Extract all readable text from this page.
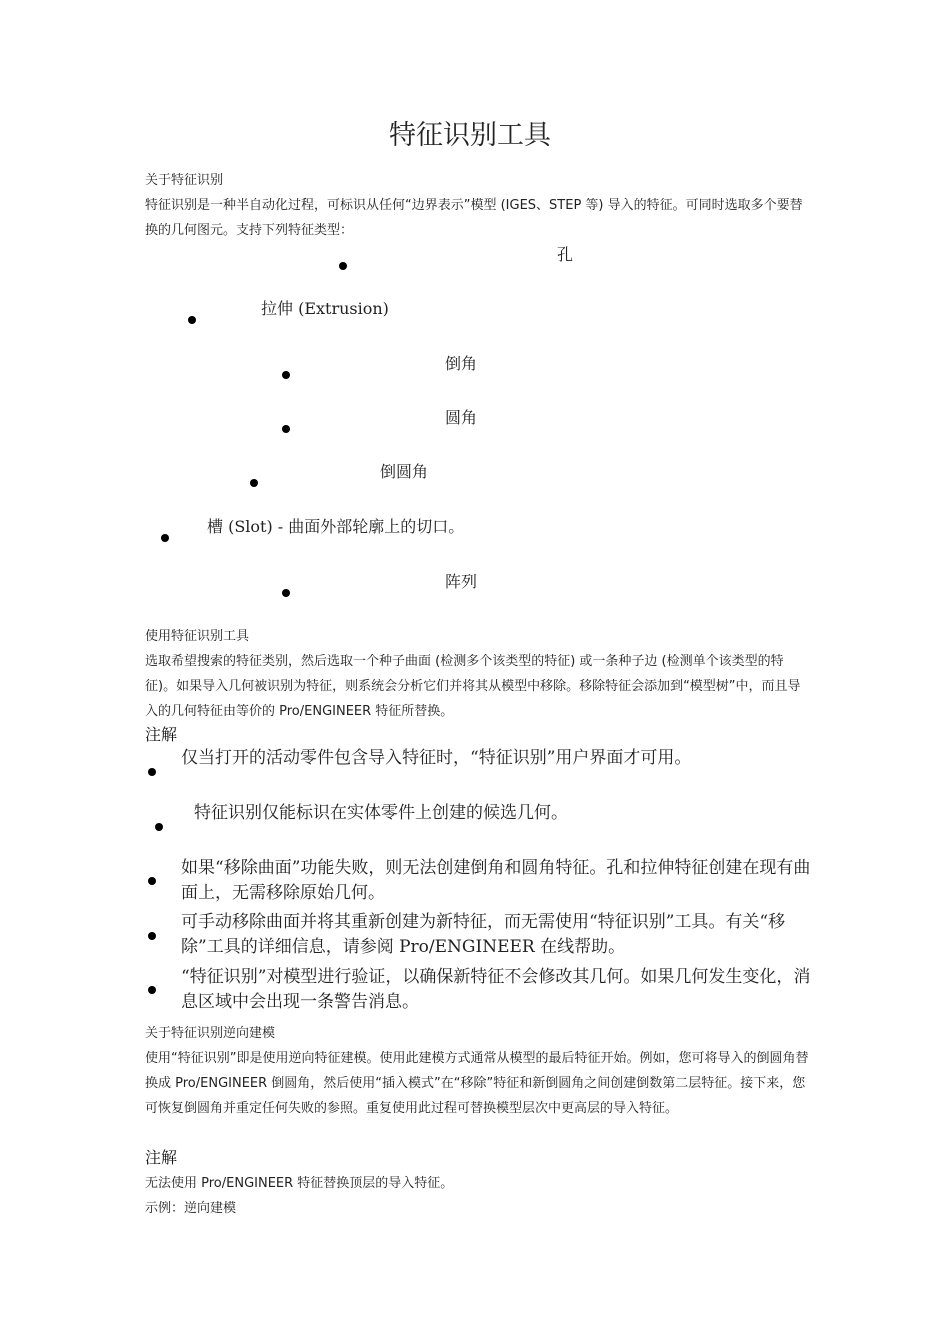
特征识别工具
关于特征识别
特征识别是一种半自动化过程，可标识从任何“边界表示”模型 (IGES、STEP 等) 导入的特征。可同时选取多个要替换的几何图元。支持下列特征类型：
孔
拉伸 (Extrusion)
倒角
圆角
倒圆角
槽 (Slot) - 曲面外部轮廓上的切口。
阵列
使用特征识别工具
选取希望搜索的特征类别，然后选取一个种子曲面 (检测多个该类型的特征) 或一条种子边 (检测单个该类型的特征)。如果导入几何被识别为特征，则系统会分析它们并将其从模型中移除。移除特征会添加到“模型树”中，而且导入的几何特征由等价的 Pro/ENGINEER 特征所替换。
注解
仅当打开的活动零件包含导入特征时，“特征识别”用户界面才可用。
特征识别仅能标识在实体零件上创建的候选几何。
如果“移除曲面”功能失败，则无法创建倒角和圆角特征。孔和拉伸特征创建在现有曲面上，无需移除原始几何。
可手动移除曲面并将其重新创建为新特征，而无需使用“特征识别”工具。有关“移除”工具的详细信息，请参阅 Pro/ENGINEER 在线帮助。
“特征识别”对模型进行验证，以确保新特征不会修改其几何。如果几何发生变化，消息区域中会出现一条警告消息。
关于特征识别逆向建模
使用“特征识别”即是使用逆向特征建模。使用此建模方式通常从模型的最后特征开始。例如，您可将导入的倒圆角替换成 Pro/ENGINEER 倒圆角，然后使用“插入模式”在“移除”特征和新倒圆角之间创建倒数第二层特征。接下来，您可恢复倒圆角并重定任何失败的参照。重复使用此过程可替换模型层次中更高层的导入特征。
注解
无法使用 Pro/ENGINEER 特征替换顶层的导入特征。
示例：逆向建模
